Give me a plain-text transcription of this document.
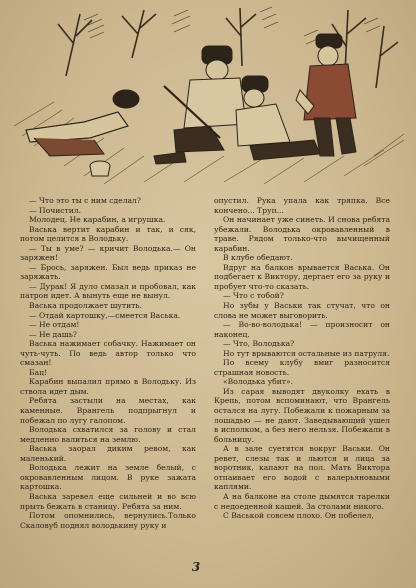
— Что это ты с ним сделал?

— Почистил.

Молодец. Не карабин, а игрушка.

Васька вертит карабин и так, и сяк, потом целится в Володьку.

— Ты в уме? — кричит Володька.— Он заряжен!

— Брось, заряжен. Был ведь приказ не заряжать.

— Дурак! Я дуло смазал и пробовал, как патрон идет. А вынуть еще не вынул.

Васька продолжает шутить.

— Отдай картошку,—смеется Васька.

— Не отдам!

— Не дашь?

Васька нажимает собачку. Нажимает он чуть-чуть. По ведь автор только что смазан!

Бац!

Карабин выпалил прямо в Володьку. Из ствола идет дым.

Ребята застыли на местах, как каменные. Врангель подпрыгнул и побежал по лугу галопом.

Володька схватился за голову и стал медленно валиться на землю.

Васька заорал диким ревом, как маленький.

Володька лежит на земле белый, с окровавленным лицом. В руке зажата картошка.

Васька заревел еще сильней и во всю прыть бежать в станицу. Ребята за ним.

Потом опомнились, вернулись.Только Скаловуб поднял володькину руку и

опустил. Рука упала как тряпка. Все кончено... Труп...

Он начинает уже синеть. И снова ребята убежали. Володька окровавленный в траве. Рядом только-что вычищенный карабин.

В клубе обедают.

Вдруг на балкон врывается Васька. Он подбегает к Виктору, дергает его за руку и пробует что-то сказать.

— Что с тобой?

Но зубы у Васьки так стучат, что он слова не может выговорить.

— Во-во-володька! — произносит он наконец.

— Что, Володька?

Но тут врываются остальные из патруля.

По всему клубу вмиг разносится страшная новость.

«Володька убит».

Из сарая выводят двуколку ехать в Крепь, потом вспоминают, что Врангель остался на лугу. Побежали к пожарным за лошадью — не дают. Заведывающий ушел в исполком, а без него нельзя. Побежали в больницу.

А в зале суетятся вокруг Васьки. Он ревет, слезы так и льются и лица за воротник, капают на пол. Мать Виктора отпаивает его водой с валерьяновыми каплями.

А на балконе на столе дымятся тарелки с недоеденной кашей. За столами никого.

С Васькой совсем плохо. Он побелел,

3
